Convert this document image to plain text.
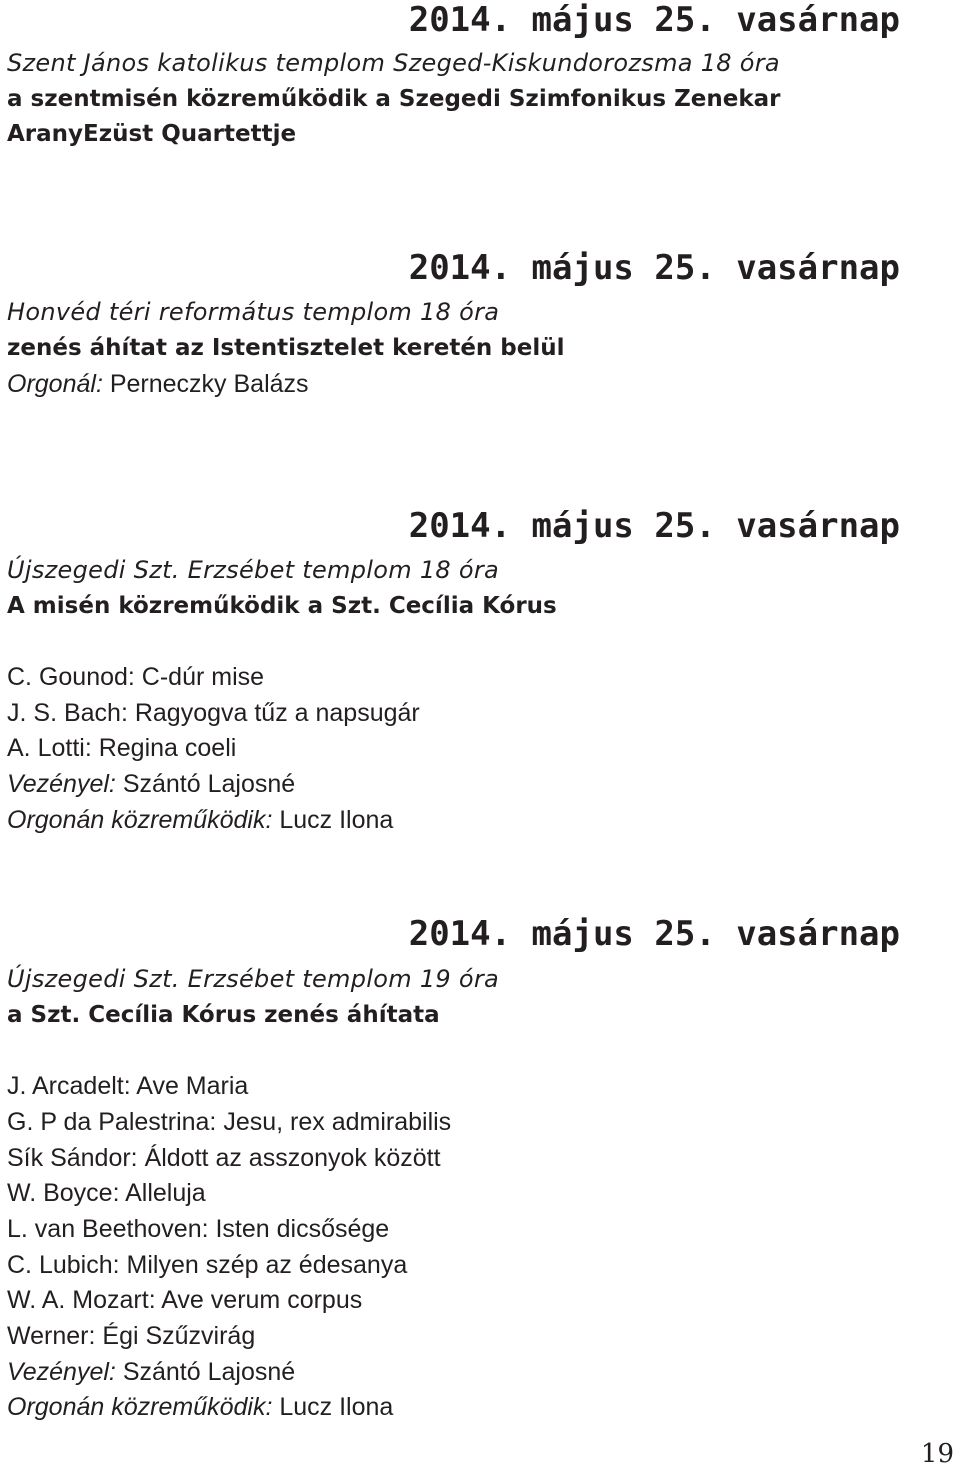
2014. május 25. vasárnap
Szent János katolikus templom Szeged-Kiskundorozsma 18 óra
a szentmisén közreműködik a Szegedi Szimfonikus Zenekar
AranyEzüst Quartettje
2014. május 25. vasárnap
Honvéd téri református templom 18 óra
zenés áhítat az Istentisztelet keretén belül
Orgonál: Perneczky Balázs
2014. május 25. vasárnap
Újszegedi Szt. Erzsébet templom 18 óra
A misén közreműködik a Szt. Cecília Kórus
C. Gounod: C-dúr mise
J. S. Bach: Ragyogva tűz a napsugár
A. Lotti: Regina coeli
Vezényel: Szántó Lajosné
Orgonán közreműködik: Lucz Ilona
2014. május 25. vasárnap
Újszegedi Szt. Erzsébet templom 19 óra
a Szt. Cecília Kórus zenés áhítata
J. Arcadelt: Ave Maria
G. P da Palestrina: Jesu, rex admirabilis
Sík Sándor: Áldott az asszonyok között
W. Boyce: Alleluja
L. van Beethoven: Isten dicsősége
C. Lubich: Milyen szép az édesanya
W. A. Mozart: Ave verum corpus
Werner: Égi Szűzvirág
Vezényel: Szántó Lajosné
Orgonán közreműködik: Lucz Ilona
19
